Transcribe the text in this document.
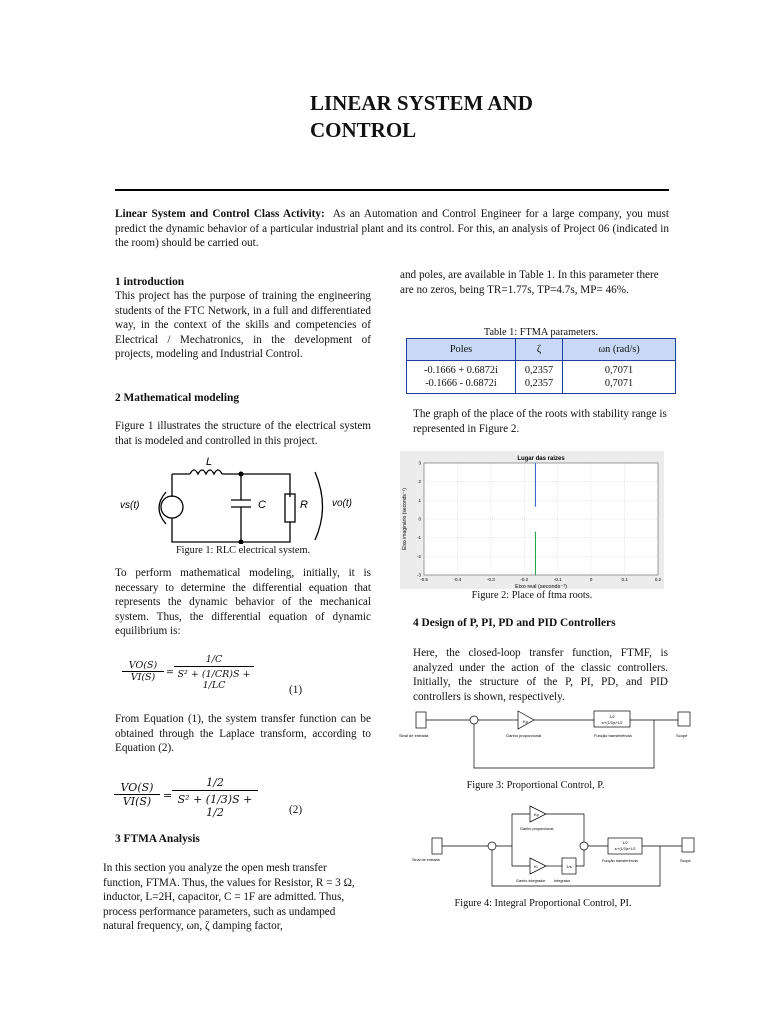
LINEAR SYSTEM AND
CONTROL
Linear System and Control Class Activity: As an Automation and Control Engineer for a large company, you must predict the dynamic behavior of a particular industrial plant and its control. For this, an analysis of Project 06 (indicated in the room) should be carried out.
1 introduction
This project has the purpose of training the engineering students of the FTC Network, in a full and differentiated way, in the context of the skills and competencies of Electrical / Mechatronics, in the development of projects, modeling and Industrial Control.
2 Mathematical modeling
Figure 1 illustrates the structure of the electrical system that is modeled and controlled in this project.
L
C	R
vs(t)	vo(t)
Figure 1: RLC electrical system.
To perform mathematical modeling, initially, it is necessary to determine the differential equation that represents the dynamic behavior of the mechanical system. Thus, the differential equation of dynamic equilibrium is:
$\frac{VO(S)}{VI(S)} = \frac{1/C}{\text{S² + (1/CR)S + 1/LC}}$	(1)
From Equation (1), the system transfer function can be obtained through the Laplace transform, according to Equation (2).
$\frac{VO(S)}{VI(S)} = \frac{1/2}{\text{S² + (1/3)S + 1/2}}$	(2)
3 FTMA Analysis
In this section you analyze the open mesh transfer function, FTMA. Thus, the values for Resistor, R = 3 Ω, inductor, L=2H, capacitor, C = 1F are admitted. Thus, process performance parameters, such as undamped natural frequency, ωn, ζ damping factor,
and poles, are available in Table 1. In this parameter there are no zeros, being TR=1.77s, TP=4.7s, MP= 46%.
Table 1: FTMA parameters.
Poles	ζ	ωn (rad/s)
-0.1666 + 0.6872i	0,2357	0,7071
-0.1666 - 0.6872i	0,2357	0,7071
The graph of the place of the roots with stability range is represented in Figure 2.
Lugar das raizes
Eixo real (seconds⁻¹)
Eixo imaginário (seconds⁻¹)
-0.5	-0.4	-0.3	-0.2	-0.1	0	0.1	0.2
-3
-2
-1
0
1
2
3
×
×
Figure 2: Place of ftma roots.
4 Design of P, PI, PD and PID Controllers
Here, the closed-loop transfer function, FTMF, is analyzed under the action of the classic controllers. Initially, the structure of the P, PI, PD, and PID controllers is shown, respectively.
Sinal de entrada
Kp
Ganho proporcional
1/2
s²+(1/3)s+1/2
Função transferência	Scope
Figure 3: Proportional Control, P.
Kp
Ganho proporcional
Ki
Ganho integrador
1/s
Integrator
1/2
s²+(1/3)s+1/2
Função transferência
Sinal de entrada	Scope
Figure 4: Integral Proportional Control, PI.
